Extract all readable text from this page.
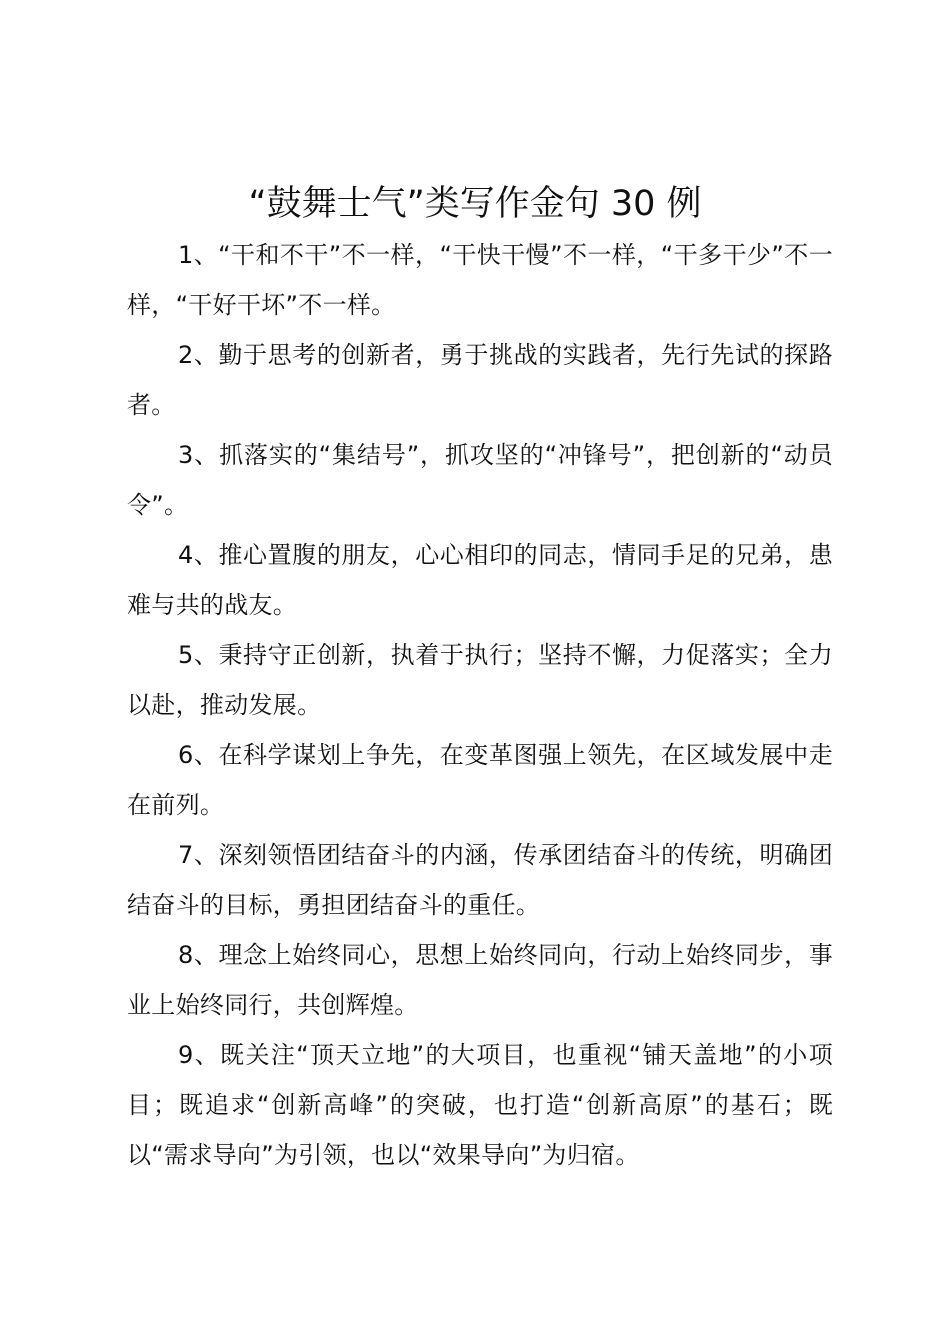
“鼓舞士气”类写作金句 30 例

1、“干和不干”不一样，“干快干慢”不一样，“干多干少”不一样，“干好干坏”不一样。

2、勤于思考的创新者，勇于挑战的实践者，先行先试的探路者。

3、抓落实的“集结号”，抓攻坚的“冲锋号”，把创新的“动员令”。

4、推心置腹的朋友，心心相印的同志，情同手足的兄弟，患难与共的战友。

5、秉持守正创新，执着于执行；坚持不懈，力促落实；全力以赴，推动发展。

6、在科学谋划上争先，在变革图强上领先，在区域发展中走在前列。

7、深刻领悟团结奋斗的内涵，传承团结奋斗的传统，明确团结奋斗的目标，勇担团结奋斗的重任。

8、理念上始终同心，思想上始终同向，行动上始终同步，事业上始终同行，共创辉煌。

9、既关注“顶天立地”的大项目，也重视“铺天盖地”的小项目；既追求“创新高峰”的突破，也打造“创新高原”的基石；既以“需求导向”为引领，也以“效果导向”为归宿。
